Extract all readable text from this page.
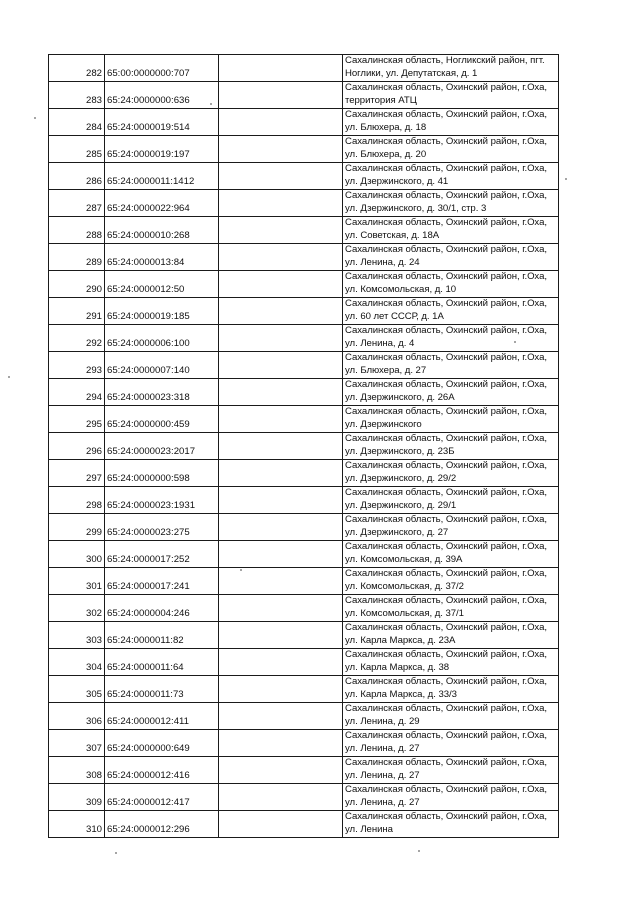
282	65:00:0000000:707		Сахалинская область, Ногликский район, пгт.
Ноглики, ул. Депутатская, д. 1

283	65:24:0000000:636		Сахалинская область, Охинский район, г.Оха,
территория АТЦ

284	65:24:0000019:514		Сахалинская область, Охинский район, г.Оха,
ул. Блюхера, д. 18

285	65:24:0000019:197		Сахалинская область, Охинский район, г.Оха,
ул. Блюхера, д. 20

286	65:24:0000011:1412		Сахалинская область, Охинский район, г.Оха,
ул. Дзержинского, д. 41

287	65:24:0000022:964		Сахалинская область, Охинский район, г.Оха,
ул. Дзержинского, д. 30/1, стр. 3

288	65:24:0000010:268		Сахалинская область, Охинский район, г.Оха,
ул. Советская, д. 18А

289	65:24:0000013:84		Сахалинская область, Охинский район, г.Оха,
ул. Ленина, д. 24

290	65:24:0000012:50		Сахалинская область, Охинский район, г.Оха,
ул. Комсомольская, д. 10

291	65:24:0000019:185		Сахалинская область, Охинский район, г.Оха,
ул. 60 лет СССР, д. 1А

292	65:24:0000006:100		Сахалинская область, Охинский район, г.Оха,
ул. Ленина, д. 4

293	65:24:0000007:140		Сахалинская область, Охинский район, г.Оха,
ул. Блюхера, д. 27

294	65:24:0000023:318		Сахалинская область, Охинский район, г.Оха,
ул. Дзержинского, д. 26А

295	65:24:0000000:459		Сахалинская область, Охинский район, г.Оха,
ул. Дзержинского

296	65:24:0000023:2017		Сахалинская область, Охинский район, г.Оха,
ул. Дзержинского, д. 23Б

297	65:24:0000000:598		Сахалинская область, Охинский район, г.Оха,
ул. Дзержинского, д. 29/2

298	65:24:0000023:1931		Сахалинская область, Охинский район, г.Оха,
ул. Дзержинского, д. 29/1

299	65:24:0000023:275		Сахалинская область, Охинский район, г.Оха,
ул. Дзержинского, д. 27

300	65:24:0000017:252		Сахалинская область, Охинский район, г.Оха,
ул. Комсомольская, д. 39А

301	65:24:0000017:241		Сахалинская область, Охинский район, г.Оха,
ул. Комсомольская, д. 37/2

302	65:24:0000004:246		Сахалинская область, Охинский район, г.Оха,
ул. Комсомольская, д. 37/1

303	65:24:0000011:82		Сахалинская область, Охинский район, г.Оха,
ул. Карла Маркса, д. 23А

304	65:24:0000011:64		Сахалинская область, Охинский район, г.Оха,
ул. Карла Маркса, д. 38

305	65:24:0000011:73		Сахалинская область, Охинский район, г.Оха,
ул. Карла Маркса, д. 33/3

306	65:24:0000012:411		Сахалинская область, Охинский район, г.Оха,
ул. Ленина, д. 29

307	65:24:0000000:649		Сахалинская область, Охинский район, г.Оха,
ул. Ленина, д. 27

308	65:24:0000012:416		Сахалинская область, Охинский район, г.Оха,
ул. Ленина, д. 27

309	65:24:0000012:417		Сахалинская область, Охинский район, г.Оха,
ул. Ленина, д. 27

310	65:24:0000012:296		Сахалинская область, Охинский район, г.Оха,
ул. Ленина
